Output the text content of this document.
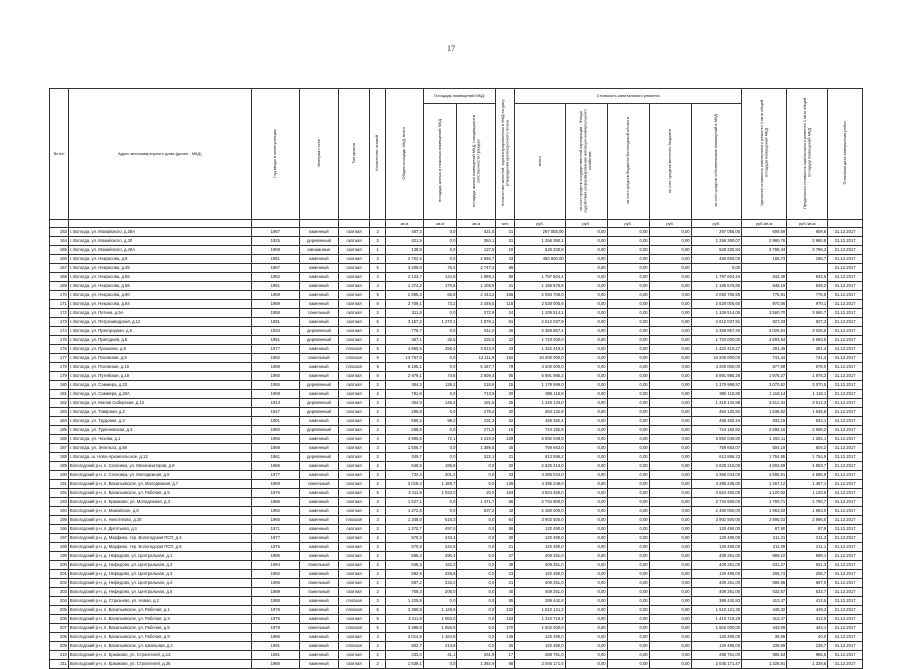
17
№ п/п	Адрес многоквартирного дома (далее - МКД)	Год ввода в эксплуатацию	Материал стен	Тип кровли	Количество этажей	Общая площадь МКД, всего	Площадь помещений МКД:		Количество жителей, зарегистрированных в МКД на дату утверждения краткосрочного плана	Стоимость капитального ремонта					Удельная стоимость капитального ремонта 1 кв.м общей площади помещений МКД	Предельная стоимость капитального ремонта 1 кв.м общей площади помещений МКД	Плановая дата завершения работ
							площадь жилых и нежилых помещений МКД	площадь жилых помещений МКД, находящихся в собственности граждан		всего	за счет средств государственной корпорации - Фонда содействия реформированию жилищно-коммунального хозяйства	за счет средств бюджета Вологодской области	за счет средств местного бюджета	за счет средств собственников помещений в МКД			
						кв.м	кв.м	кв.м	чел.	руб.	руб.	руб.	руб.	руб.	руб./кв.м	руб./кв.м	
163	г. Вологда, ул. Можайского, д.28А	1957	каменный	скатная	2	487,3	0,0	421,8	21	297 055,00	0,00	0,00	0,00	297 055,00	609,59	609,6	31.12.2017
164	г. Вологда, ул. Можайского, д.30	1925	деревянный	скатная	2	421,5	0,0	384,1	31	1 256 390,1	0,00	0,00	0,00	1 256 390,07	2 980,76	2 980,8	31.12.2017
165	г. Вологда, ул. Можайского, д.40А	1959	смешанные	скатная	1	139,8	0,0	127,5	10	529 330,8	0,00	0,00	0,00	529 330,84	3 786,34	3 786,3	31.12.2017
166	г. Вологда, ул. Некрасова, д.9	1951	каменный	скатная	2	2 702,5	0,0	2 566,7	43	450 600,00	0,00	0,00	0,00	450 600,00	166,73	166,7	31.12.2017
167	г. Вологда, ул. Некрасова, д.45	1967	каменный	скатная	5	3 209,0	76,4	2 747,2	86		0,00	0,00	0,00	0,00			31.12.2017
168	г. Вологда, ул. Некрасова, д.55	1962	каменный	скатная	4	2 133,7	144,6	1 989,1	80	1 797 604,4	0,00	0,00	0,00	1 797 604,44	842,48	842,5	31.12.2017
169	г. Вологда, ул. Некрасова, д.56	1961	каменный	скатная	4	1 374,2	170,6	1 108,5	41	1 165 576,8	0,00	0,00	0,00	1 165 576,80	848,19	848,2	31.12.2017
170	г. Вологда, ул. Некрасова, д.80	1969	каменный	скатная	5	2 698,3	65,8	2 444,2	165	2 093 706,0	0,00	0,00	0,00	2 093 705,95	775,91	775,9	31.12.2017
171	г. Вологда, ул. Некрасова, д.84	1969	каменный	скатная	5	2 709,1	73,2	2 448,5	118	2 628 005,6	0,00	0,00	0,00	2 628 005,60	970,06	970,1	31.12.2017
172	г. Вологда, ул. Петина, д.5А	1958	панельный	скатная	2	311,6	0,0	272,9	24	1 109 514,1	0,00	0,00	0,00	1 109 514,05	3 560,70	3 560,7	31.12.2017
173	г. Вологда, ул. Петрозаводская, д.12	1991	каменный	скатная	5	3 157,2	1 270,1	1 878,1	61	2 612 037,9	0,00	0,00	0,00	2 612 037,91	827,33	827,3	31.12.2017
174	г. Вологда, ул. Пригородная, д.5	1934	деревянный	скатная	2	779,7	0,0	511,0	20	2 359 867,4	0,00	0,00	0,00	2 359 867,40	3 026,64	3 026,6	31.12.2017
175	г. Вологда, ул. Пригодная, д.6	1951	деревянный	скатная	2	367,1	32,5	232,5	22	1 723 000,0	0,00	0,00	0,00	1 723 000,00	4 693,54	4 693,5	31.12.2017
176	г. Вологда, ул. Промзона, д.5	1977	каменный	плоская	5	4 860,5	256,4	3 813,0	43	1 422 419,3	0,00	0,00	0,00	1 422 419,27	291,45	291,4	31.12.2017
177	г. Вологда, ул. Псковская, д.9	1982	панельный	плоская	9	13 757,0	0,0	12 111,9	162	10 200 000,0	0,00	0,00	0,00	10 200 000,00	741,44	741,4	31.12.2017
178	г. Вологда, ул. Псковская, д.19	1988	каменный	плоская	9	6 195,1	0,0	5 187,7	79	4 200 000,0	0,00	0,00	0,00	4 200 000,00	677,98	678,0	31.12.2017
179	г. Вологда, ул. Путейская, д.18	1980	каменный	скатная	5	2 979,1	74,6	2 609,4	55	5 891 985,3	0,00	0,00	0,00	5 891 985,26	1 978,27	1 978,3	31.12.2017
180	г. Вологда, ул. Саммера, д.20	1955	деревянный	скатная	2	384,3	136,2	218,6	15	1 179 999,0	0,00	0,00	0,00	1 179 998,97	3 070,52	3 070,5	31.12.2017
181	г. Вологда, ул. Саммера, д.20А	1959	каменный	скатная	2	791,6	0,0	713,5	20	885 116,8	0,00	0,00	0,00	885 116,80	1 118,14	1 118,1	31.12.2017
182	г. Вологда, ул. Малая Сибирская, д.13	1913	деревянный	скатная	2	364,9	145,4	181,5	25	1 318 143,0	0,00	0,00	0,00	1 318 142,98	3 612,34	3 612,3	31.12.2017
183	г. Вологда, ул. Товарная, д.2	1917	деревянный	скатная	2	295,8	0,0	279,2	20	484 132,9	0,00	0,00	0,00	484 132,92	1 636,82	1 636,8	31.12.2017
184	г. Вологда, ул. Трудовая, д.3	1901	каменный	скатная	4	550,3	98,2	231,3	52	458 482,4	0,00	0,00	0,00	458 482,44	833,15	833,1	31.12.2017
185	г. Вологда, ул. Тургеневская, д.4	1950	деревянный	скатная	2	298,6	0,0	271,0	18	724 192,9	0,00	0,00	0,00	724 192,92	2 696,18	2 696,2	31.12.2017
186	г. Вологда, ул. Чехова, д.1	1966	каменный	скатная	4	4 596,6	72,1	4 219,0	229	5 892 049,8	0,00	0,00	0,00	5 892 049,80	1 282,11	1 282,1	31.12.2017
187	г. Вологда, ул. Энгельса, д.58	1958	каменный	скатная	3	1 506,7	0,0	1 399,5	45	759 663,0	0,00	0,00	0,00	759 663,07	504,19	504,2	31.12.2017
188	г. Вологда, ш. Ново-Архангельское, д.12	1961	деревянный	скатная	2	349,7	0,0	322,1	21	613 896,2	0,00	0,00	0,00	613 896,23	1 754,95	1 754,9	31.12.2017
189	Вологодский р-н, п. Сосновка, ул. Механизаторов, д.8	1965	каменный	скатная	2	546,5	185,8	0,0	32	2 625 216,0	0,00	0,00	0,00	2 625 216,00	4 803,69	4 803,7	31.12.2017
190	Вологодский р-н, п. Сосновка, ул. Молодежная, д.6	1977	каменный	скатная	2	732,4	301,2	0,0	33	3 366 044,0	0,00	0,00	0,00	3 366 044,00	4 595,91	4 595,9	31.12.2017
191	Вологодский р-н, п. Васильевское, ул. Молодежная, д.7	1959	панельный	скатная	2	3 018,4	1 169,7	0,0	136	4 395 248,0	0,00	0,00	0,00	4 395 248,00	1 457,12	1 457,1	31.12.2017
192	Вологодский р-н, п. Васильевское, ул. Рабочая, д.5	1976	каменный	скатная	5	3 411,9	1 033,0	20,0	163	3 824 450,0	0,00	0,00	0,00	3 824 450,00	1 120,92	1 120,9	31.12.2017
193	Вологодский р-н, п. Ермаково, ул. Молодежная, д.3	1986	каменный	скатная	3	1 527,1	0,0	1 471,7	68	2 734 600,0	0,00	0,00	0,00	2 734 600,00	1 790,71	1 790,7	31.12.2017
194	Вологодский р-н, п. Можайское, д.8	1992	каменный	скатная	2	1 272,6	0,0	837,2	42	2 480 000,0	0,00	0,00	0,00	2 480 000,00	1 953,02	1 953,0	31.12.2017
195	Вологодский р-н, п. Непотягово, д.20	1985	каменный	плоская	3	1 348,0	516,3	0,0	64	3 902 500,0	0,00	0,00	0,00	3 902 500,00	2 895,03	2 895,0	31.12.2017
196	Вологодский р-н, п. Дитятьево, д.1	1971	каменный	скатная	2	1 370,7	497,0	0,0	58	120 490,0	0,00	0,00	0,00	120 490,00	87,90	87,9	31.12.2017
197	Вологодский р-н, д. Марфино, тер. Вологодская ПСП, д.4	1977	каменный	скатная	2	570,2	243,4	0,0	30	120 490,0	0,00	0,00	0,00	120 490,00	211,31	211,3	31.12.2017
198	Вологодский р-н, д. Марфино, тер. Вологодская ПСП, д.6	1975	каменный	скатная	2	570,8	242,6	0,0	21	120 490,0	0,00	0,00	0,00	120 490,00	211,09	211,1	31.12.2017
199	Вологодский р-н, д. Нефедово, ул. Центральная, д.1	1985	каменный	скатная	2	585,4	290,4	0,0	27	409 251,0	0,00	0,00	0,00	409 251,00	699,10	699,1	31.12.2017
200	Вологодский р-н, д. Нефедово, ул. Центральная, д.2	1994	панельный	скатная	2	648,3	162,3	0,0	38	409 251,0	0,00	0,00	0,00	409 251,00	631,27	631,3	31.12.2017
201	Вологодский р-н, д. Нефедово, ул. Центральная, д.3	1992	каменный	скатная	2	582,9	229,8	0,0	23	120 490,0	0,00	0,00	0,00	120 490,00	206,74	206,7	31.12.2017
202	Вологодский р-н, д. Нефедово, ул. Центральная, д.4	1996	панельный	скатная	2	587,2	233,2	0,0	21	409 251,0	0,00	0,00	0,00	409 251,00	696,95	697,0	31.12.2017
203	Вологодский р-н, д. Нефедово, ул. Центральная, д.5	1989	панельный	скатная	2	769,3	206,0	0,0	40	409 251,0	0,00	0,00	0,00	409 251,00	532,67	532,7	31.12.2017
204	Вологодский р-н, д. Стризнево, ул. Новая, д.2	1988	каменный	плоская	3	1 425,6	0,0	0,0	55	389 442,8	0,00	0,00	0,00	389 442,83	413,47	413,5	31.12.2017
205	Вологодский р-н, п. Васильевское, ул. Рабочая, д.1	1976	каменный	плоская	5	3 360,8	1 128,8	0,0	102	1 510 121,3	0,00	0,00	0,00	1 510 121,30	449,32	449,3	31.12.2017
206	Вологодский р-н, п. Васильевское, ул. Рабочая, д.3	1976	каменный	скатная	5	3 411,8	1 063,0	0,0	163	1 410 719,3	0,00	0,00	0,00	1 410 719,29	413,47	413,5	31.12.2017
207	Вологодский р-н, п. Васильевское, ул. Рабочая, д.5	1978	панельный	плоская	5	3 389,8	1 058,9	0,0	170	1 502 000,0	0,00	0,00	0,00	1 502 000,00	443,09	443,1	31.12.2017
208	Вологодский р-н, п. Васильевское, ул. Рабочая, д.9	1985	каменный	скатная	3	3 014,9	1 184,6	0,0	136	120 490,0	0,00	0,00	0,00	120 490,00	39,96	40,0	31.12.2017
209	Вологодский р-н, п. Васильевское, ул. Школьная, д.2	1991	каменный	плоская	2	502,7	213,8	0,0	26	120 490,0	0,00	0,00	0,00	120 490,00	239,69	239,7	31.12.2017
210	Вологодский р-н, п. Ермаково, ул. Строителей, д.12	1981	каменный	скатная	2	233,0	31,1	261,9	17	288 761,0	0,00	0,00	0,00	288 761,00	985,53	985,5	31.12.2017
211	Вологодский р-н, п. Ермаково, ул. Строителей, д.26	1966	каменный	скатная	2	1 539,1	0,0	1 392,9	68	2 045 171,5	0,00	0,00	0,00	2 045 171,47	1 328,81	1 328,8	31.12.2017
